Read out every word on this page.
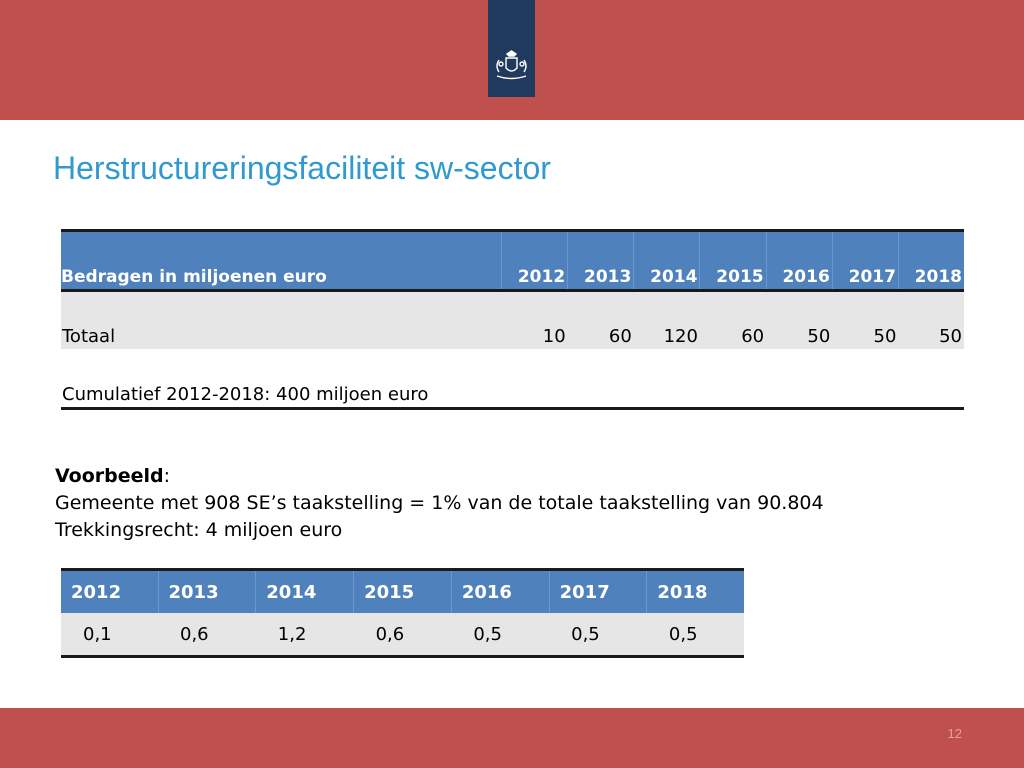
Herstructureringsfaciliteit sw-sector
Bedragen in miljoenen euro	2012	2013	2014	2015	2016	2017	2018
Totaal	10	60	120	60	50	50	50
Cumulatief 2012-2018: 400 miljoen euro							
Voorbeeld:
Gemeente met 908 SE’s taakstelling = 1% van de totale taakstelling van 90.804
Trekkingsrecht: 4 miljoen euro
2012	2013	2014	2015	2016	2017	2018
0,1	0,6	1,2	0,6	0,5	0,5	0,5
12
